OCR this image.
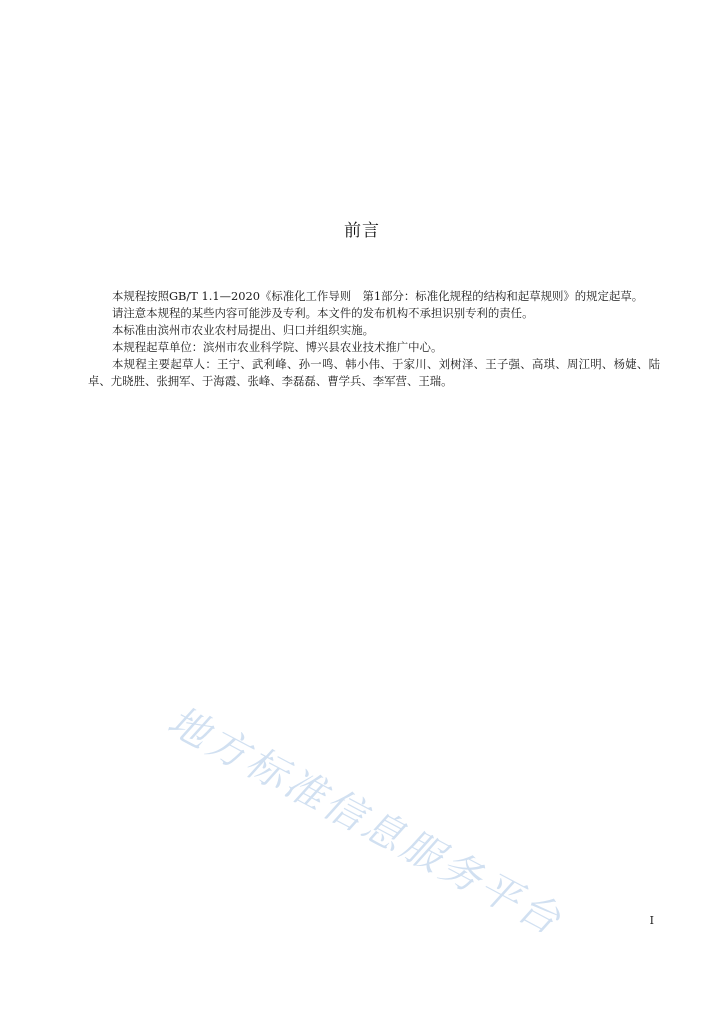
前言

本规程按照GB/T 1.1—2020《标准化工作导则　第1部分：标准化规程的结构和起草规则》的规定起草。

请注意本规程的某些内容可能涉及专利。本文件的发布机构不承担识别专利的责任。

本标准由滨州市农业农村局提出、归口并组织实施。

本规程起草单位：滨州市农业科学院、博兴县农业技术推广中心。

本规程主要起草人：王宁、武利峰、孙一鸣、韩小伟、于家川、刘树泽、王子强、高琪、周江明、杨婕、陆卓、尤晓胜、张拥军、于海霞、张峰、李磊磊、曹学兵、李军营、王瑞。

地方标准信息服务平台	I
